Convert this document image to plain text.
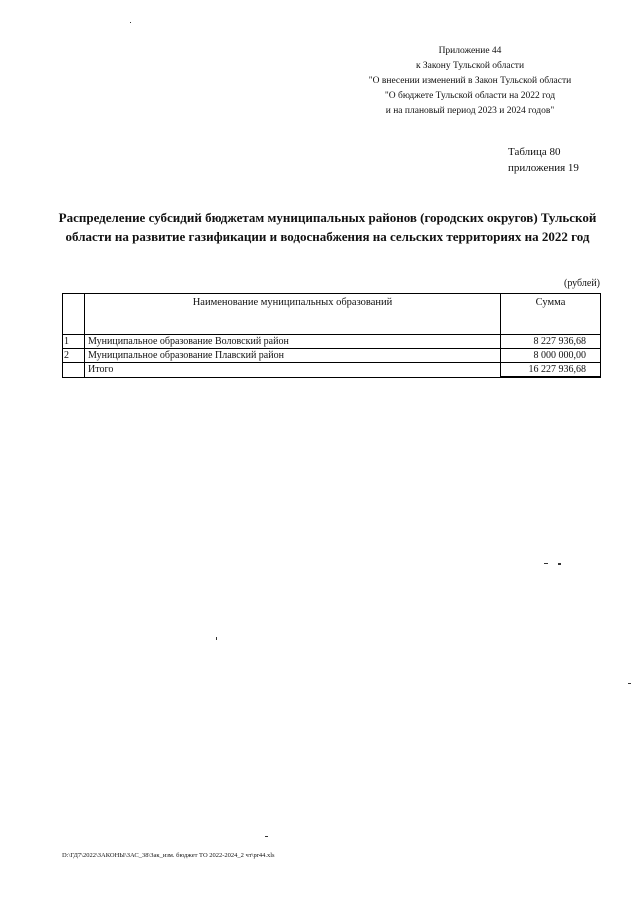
Приложение 44
к Закону Тульской области
"О внесении изменений в Закон Тульской области
"О бюджете Тульской области на 2022 год
и на плановый период 2023 и 2024 годов"
Таблица 80
приложения 19
Распределение субсидий бюджетам муниципальных районов (городских округов) Тульской
области на развитие газификации и водоснабжения на сельских территориях на 2022 год
(рублей)
	Наименование муниципальных образований	Сумма
1	Муниципальное образование Воловский район	8 227 936,68
2	Муниципальное образование Плавский район	8 000 000,00
	Итого	16 227 936,68
D:\ГД7\2022\ЗАКОНЫ\ЗАС_38\Зак_изм. бюджет ТО 2022-2024_2 чт\pr44.xls
